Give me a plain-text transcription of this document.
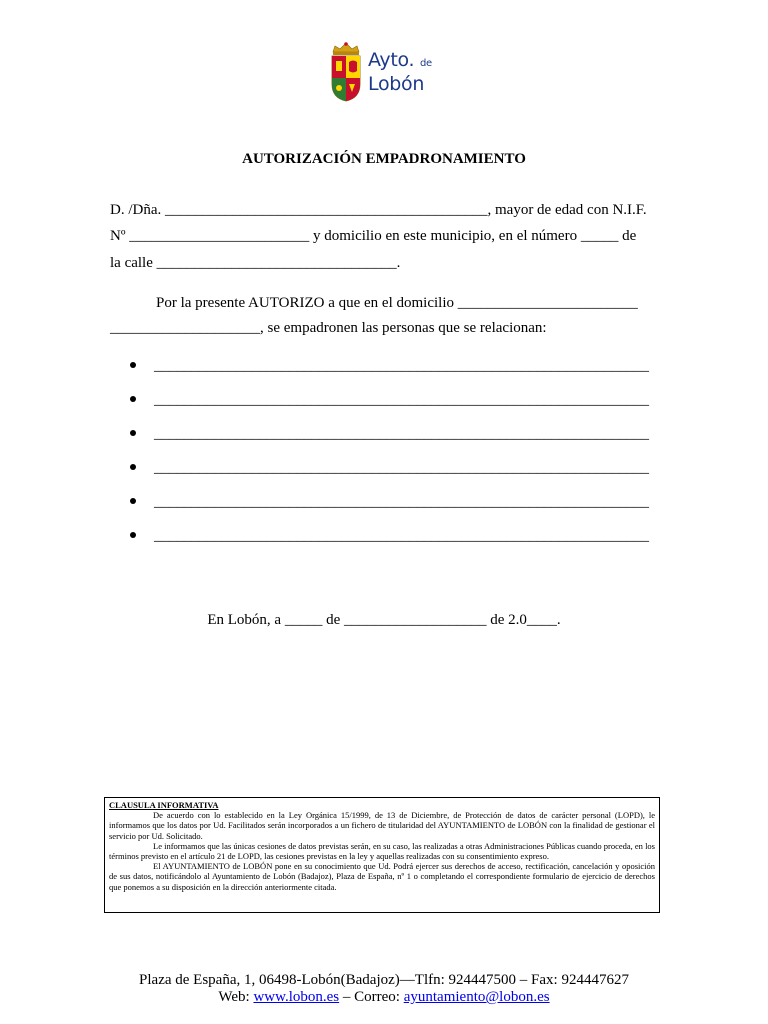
Ayto. de
Lobón
AUTORIZACIÓN EMPADRONAMIENTO
D. /Dña. ___________________________________________, mayor de edad con N.I.F.
Nº ________________________ y domicilio en este municipio, en el número _____ de
la calle ________________________________.
Por la presente AUTORIZO a que en el domicilio ________________________
____________________, se empadronen las personas que se relacionan:
__________________________________________________________________
__________________________________________________________________
__________________________________________________________________
__________________________________________________________________
__________________________________________________________________
__________________________________________________________________
En Lobón, a _____ de ___________________ de 2.0____.
CLAUSULA INFORMATIVA

De acuerdo con lo establecido en la Ley Orgánica 15/1999, de 13 de Diciembre, de Protección de datos de carácter personal (LOPD), le informamos que los datos por Ud. Facilitados serán incorporados a un fichero de titularidad del AYUNTAMIENTO de LOBÓN con la finalidad de gestionar el servicio por Ud. Solicitado.

Le informamos que las únicas cesiones de datos previstas serán, en su caso, las realizadas a otras Administraciones Públicas cuando proceda, en los términos previsto en el artículo 21 de LOPD, las cesiones previstas en la ley y aquellas realizadas con su consentimiento expreso.

El AYUNTAMIENTO de LOBÓN pone en su conocimiento que Ud. Podrá ejercer sus derechos de acceso, rectificación, cancelación y oposición de sus datos, notificándolo al Ayuntamiento de Lobón (Badajoz), Plaza de España, nº 1 o completando el correspondiente formulario de ejercicio de derechos que ponemos a su disposición en la dirección anteriormente citada.

Plaza de España, 1, 06498-Lobón(Badajoz)—Tlfn: 924447500 – Fax: 924447627
Web: www.lobon.es – Correo: ayuntamiento@lobon.es
